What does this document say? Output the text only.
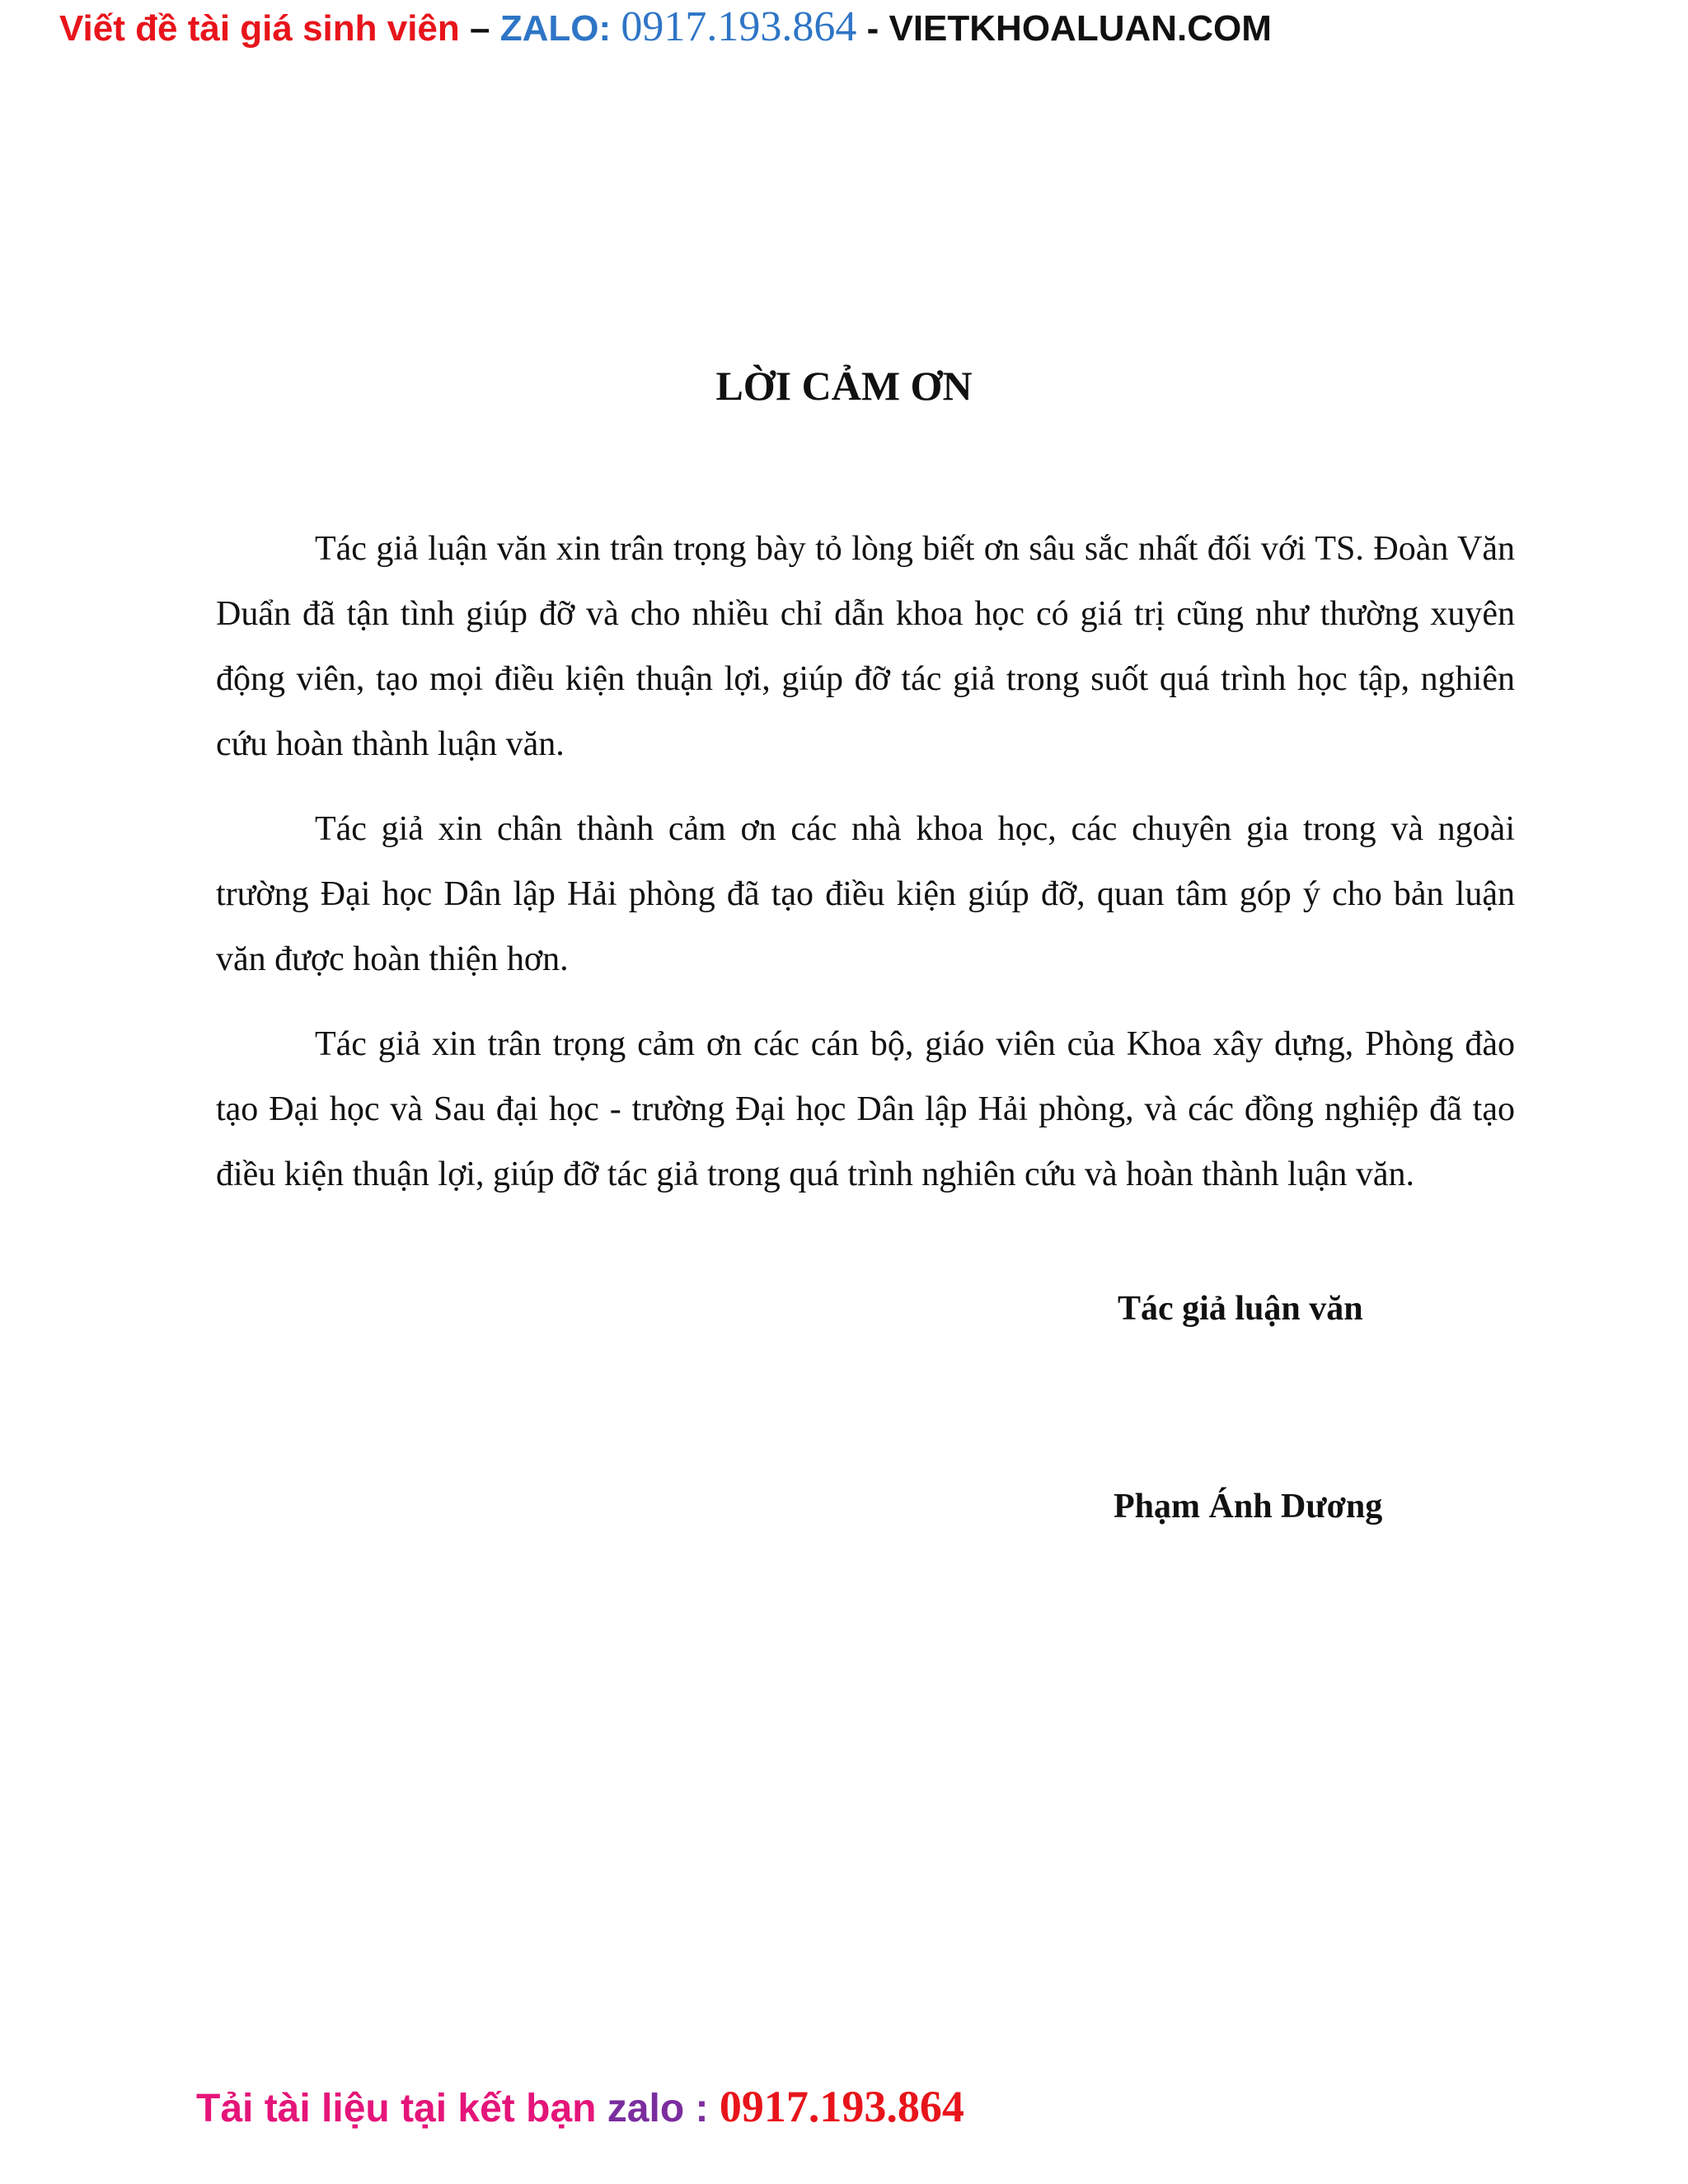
Viết đề tài giá sinh viên – ZALO: 0917.193.864 - VIETKHOALUAN.COM
LỜI CẢM ƠN

Tác giả luận văn xin trân trọng bày tỏ lòng biết ơn sâu sắc nhất đối với TS. Đoàn Văn Duẩn đã tận tình giúp đỡ và cho nhiều chỉ dẫn khoa học có giá trị cũng như thường xuyên động viên, tạo mọi điều kiện thuận lợi, giúp đỡ tác giả trong suốt quá trình học tập, nghiên cứu hoàn thành luận văn.

Tác giả xin chân thành cảm ơn các nhà khoa học, các chuyên gia trong và ngoài trường Đại học Dân lập Hải phòng đã tạo điều kiện giúp đỡ, quan tâm góp ý cho bản luận văn được hoàn thiện hơn.

Tác giả xin trân trọng cảm ơn các cán bộ, giáo viên của Khoa xây dựng, Phòng đào tạo Đại học và Sau đại học - trường Đại học Dân lập Hải phòng, và các đồng nghiệp đã tạo điều kiện thuận lợi, giúp đỡ tác giả trong quá trình nghiên cứu và hoàn thành luận văn.

Tác giả luận văn
Phạm Ánh Dương
Tải tài liệu tại kết bạn zalo : 0917.193.864
